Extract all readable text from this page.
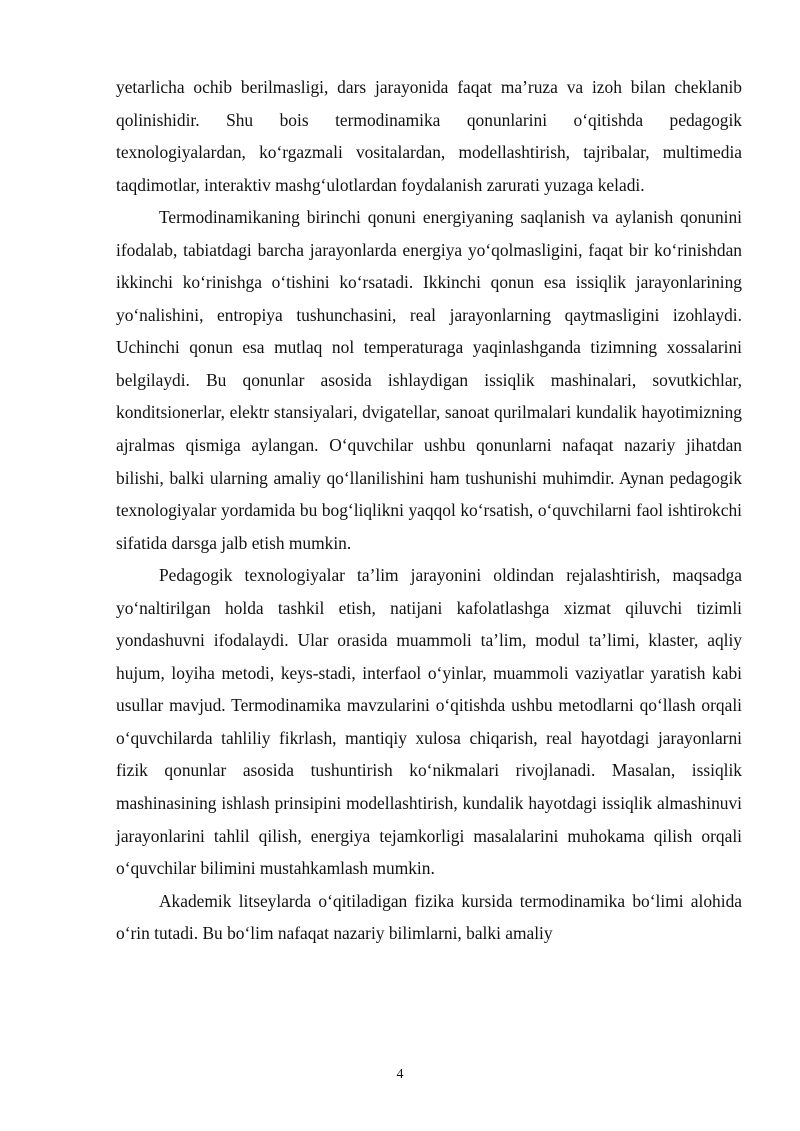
yetarlicha ochib berilmasligi, dars jarayonida faqat ma’ruza va izoh bilan cheklanib qolinishidir. Shu bois termodinamika qonunlarini o‘qitishda pedagogik texnologiyalardan, ko‘rgazmali vositalardan, modellashtirish, tajribalar, multimedia taqdimotlar, interaktiv mashg‘ulotlardan foydalanish zarurati yuzaga keladi.

Termodinamikaning birinchi qonuni energiyaning saqlanish va aylanish qonunini ifodalab, tabiatdagi barcha jarayonlarda energiya yo‘qolmasligini, faqat bir ko‘rinishdan ikkinchi ko‘rinishga o‘tishini ko‘rsatadi. Ikkinchi qonun esa issiqlik jarayonlarining yo‘nalishini, entropiya tushunchasini, real jarayonlarning qaytmasligini izohlaydi. Uchinchi qonun esa mutlaq nol temperaturaga yaqinlashganda tizimning xossalarini belgilaydi. Bu qonunlar asosida ishlaydigan issiqlik mashinalari, sovutkichlar, konditsionerlar, elektr stansiyalari, dvigatellar, sanoat qurilmalari kundalik hayotimizning ajralmas qismiga aylangan. O‘quvchilar ushbu qonunlarni nafaqat nazariy jihatdan bilishi, balki ularning amaliy qo‘llanilishini ham tushunishi muhimdir. Aynan pedagogik texnologiyalar yordamida bu bog‘liqlikni yaqqol ko‘rsatish, o‘quvchilarni faol ishtirokchi sifatida darsga jalb etish mumkin.

Pedagogik texnologiyalar ta’lim jarayonini oldindan rejalashtirish, maqsadga yo‘naltirilgan holda tashkil etish, natijani kafolatlashga xizmat qiluvchi tizimli yondashuvni ifodalaydi. Ular orasida muammoli ta’lim, modul ta’limi, klaster, aqliy hujum, loyiha metodi, keys-stadi, interfaol o‘yinlar, muammoli vaziyatlar yaratish kabi usullar mavjud. Termodinamika mavzularini o‘qitishda ushbu metodlarni qo‘llash orqali o‘quvchilarda tahliliy fikrlash, mantiqiy xulosa chiqarish, real hayotdagi jarayonlarni fizik qonunlar asosida tushuntirish ko‘nikmalari rivojlanadi. Masalan, issiqlik mashinasining ishlash prinsipini modellashtirish, kundalik hayotdagi issiqlik almashinuvi jarayonlarini tahlil qilish, energiya tejamkorligi masalalarini muhokama qilish orqali o‘quvchilar bilimini mustahkamlash mumkin.

Akademik litseylarda o‘qitiladigan fizika kursida termodinamika bo‘limi alohida o‘rin tutadi. Bu bo‘lim nafaqat nazariy bilimlarni, balki amaliy

4
